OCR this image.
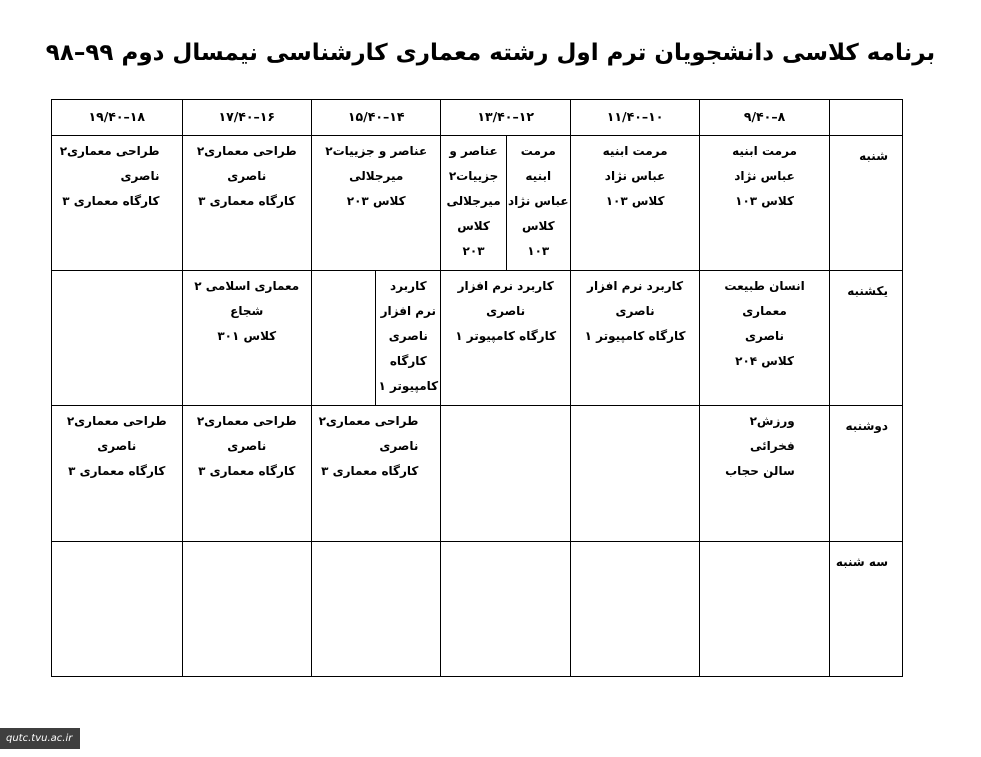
برنامه کلاسی دانشجویان ترم اول رشته معماری کارشناسی نیمسال دوم ۹۹–۹۸
	۸–۹/۴۰	۱۰–۱۱/۴۰	۱۲–۱۳/۴۰		۱۴–۱۵/۴۰		۱۶–۱۷/۴۰	۱۸–۱۹/۴۰
شنبه	مرمت ابنیه
عباس نژاد
کلاس ۱۰۳	مرمت ابنیه
عباس نژاد
کلاس ۱۰۳	مرمت
ابنیه
عباس نژاد
کلاس
۱۰۳	عناصر و
جزییات۲
میرجلالی
کلاس
۲۰۳	عناصر و جزییات۲
میرجلالی
کلاس ۲۰۳		طراحی معماری۲
ناصری
کارگاه معماری ۳	طراحی معماری۲
ناصری
کارگاه معماری ۳

یکشنبه	انسان طبیعت معماری
ناصری
کلاس ۲۰۴	کاربرد نرم افزار
ناصری
کارگاه کامپیوتر ۱	کاربرد نرم افزار
ناصری
کارگاه کامپیوتر ۱		کاربرد
نرم افزار
ناصری
کارگاه
کامپیوتر ۱		معماری اسلامی ۲
شجاع
کلاس ۳۰۱	

دوشنبه	ورزش۲
فخرائی
سالن حجاب				طراحی معماری۲
ناصری
کارگاه معماری ۳		طراحی معماری۲
ناصری
کارگاه معماری ۳	طراحی معماری۲
ناصری
کارگاه معماری ۳

سه شنبه								
qutc.tvu.ac.ir
